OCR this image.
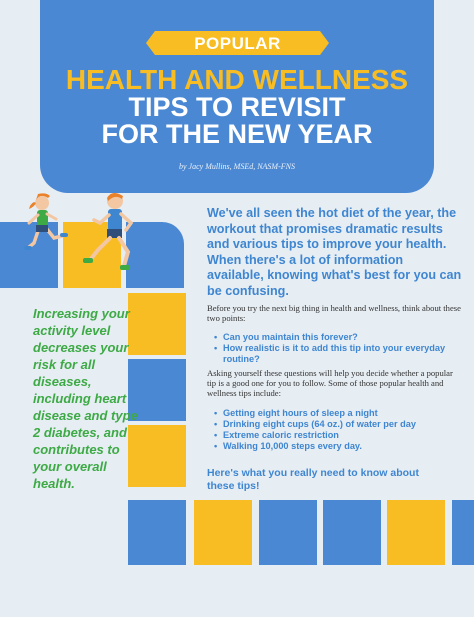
POPULAR
HEALTH AND WELLNESS
TIPS TO REVISIT
FOR THE NEW YEAR
by Jacy Mullins, MSEd, NASM-FNS
Increasing your activity level decreases your risk for all diseases, including heart disease and type 2 diabetes, and contributes to your overall health.
We've all seen the hot diet of the year, the workout that promises dramatic results and various tips to improve your health. When there's a lot of information available, knowing what's best for you can be confusing.
Before you try the next big thing in health and wellness, think about these two points:
• Can you maintain this forever?
• How realistic is it to add this tip into your everyday routine?
Asking yourself these questions will help you decide whether a popular tip is a good one for you to follow. Some of those popular health and wellness tips include:
• Getting eight hours of sleep a night
• Drinking eight cups (64 oz.) of water per day
• Extreme caloric restriction
• Walking 10,000 steps every day.
Here's what you really need to know about these tips!
